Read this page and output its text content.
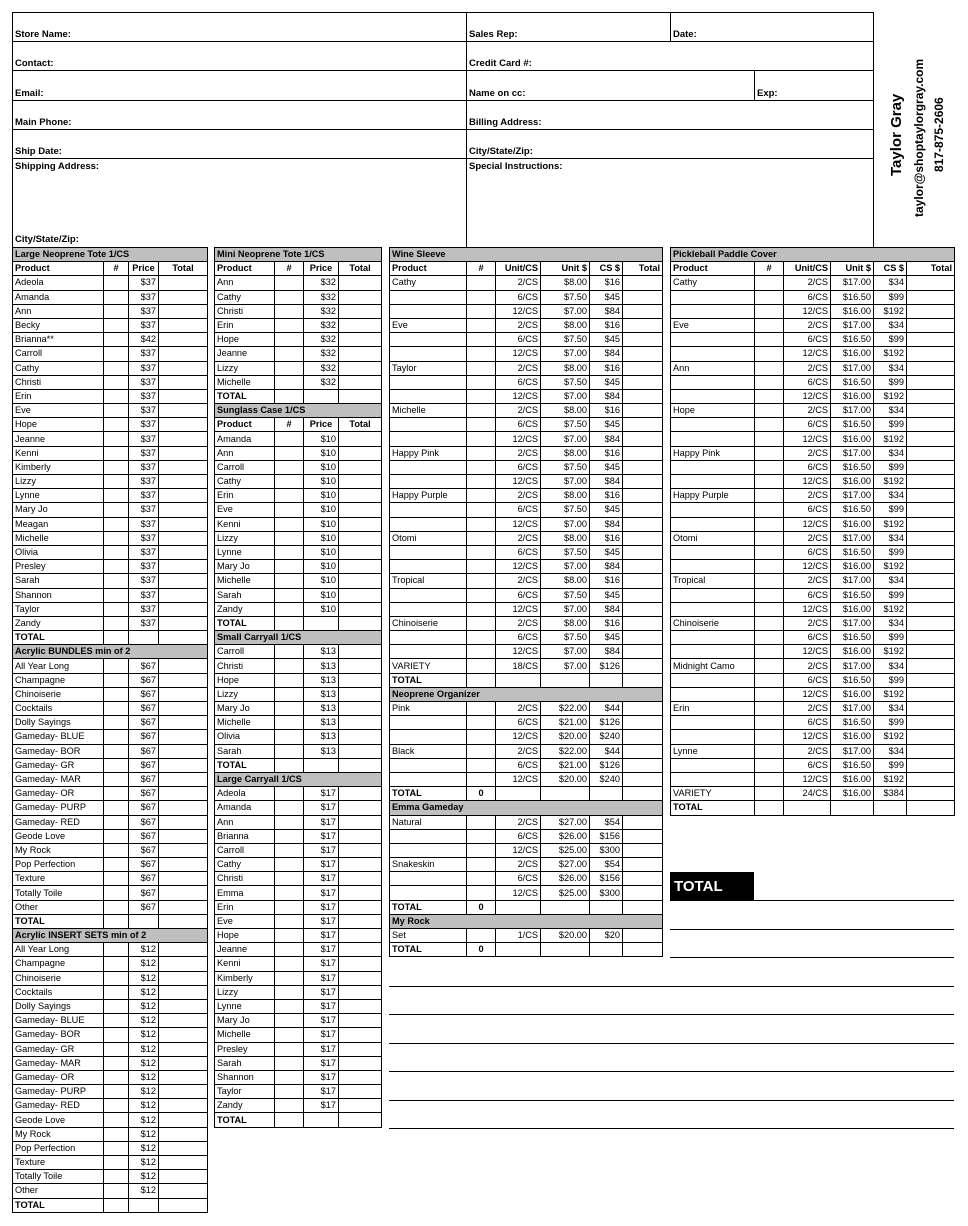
Store Name:	Sales Rep:	Date:
Contact:	Credit Card #:
Email:	Name on cc:	Exp:
Main Phone:	Billing Address:
Ship Date:	City/State/Zip:
Shipping Address:	Special Instructions:
City/State/Zip:
Taylor Gray taylor@shoptaylorgray.com 817-875-2606
Large Neoprene Tote 1/CS			
Product	#	Price	Total
Adeola		$37	
Amanda		$37	
Ann		$37	
Becky		$37	
Brianna**		$42	
Carroll		$37	
Cathy		$37	
Christi		$37	
Erin		$37	
Eve		$37	
Hope		$37	
Jeanne		$37	
Kenni		$37	
Kimberly		$37	
Lizzy		$37	
Lynne		$37	
Mary Jo		$37	
Meagan		$37	
Michelle		$37	
Olivia		$37	
Presley		$37	
Sarah		$37	
Shannon		$37	
Taylor		$37	
Zandy		$37	
TOTAL			
Acrylic BUNDLES min of 2			
All Year Long		$67	
Champagne		$67	
Chinoiserie		$67	
Cocktails		$67	
Dolly Sayings		$67	
Gameday- BLUE		$67	
Gameday- BOR		$67	
Gameday- GR		$67	
Gameday- MAR		$67	
Gameday- OR		$67	
Gameday- PURP		$67	
Gameday- RED		$67	
Geode Love		$67	
My Rock		$67	
Pop Perfection		$67	
Texture		$67	
Totally Toile		$67	
Other		$67	
TOTAL			
Acrylic INSERT SETS min of 2			
All Year Long		$12	
Champagne		$12	
Chinoiserie		$12	
Cocktails		$12	
Dolly Sayings		$12	
Gameday- BLUE		$12	
Gameday- BOR		$12	
Gameday- GR		$12	
Gameday- MAR		$12	
Gameday- OR		$12	
Gameday- PURP		$12	
Gameday- RED		$12	
Geode Love		$12	
My Rock		$12	
Pop Perfection		$12	
Texture		$12	
Totally Toile		$12	
Other		$12	
TOTAL			
Mini Neoprene Tote 1/CS			
Product	#	Price	Total
Ann		$32	
Cathy		$32	
Christi		$32	
Erin		$32	
Hope		$32	
Jeanne		$32	
Lizzy		$32	
Michelle		$32	
TOTAL			
Sunglass Case 1/CS			
Product	#	Price	Total
Amanda		$10	
Ann		$10	
Carroll		$10	
Cathy		$10	
Erin		$10	
Eve		$10	
Kenni		$10	
Lizzy		$10	
Lynne		$10	
Mary Jo		$10	
Michelle		$10	
Sarah		$10	
Zandy		$10	
TOTAL			
Small Carryall 1/CS			
Carroll		$13	
Christi		$13	
Hope		$13	
Lizzy		$13	
Mary Jo		$13	
Michelle		$13	
Olivia		$13	
Sarah		$13	
TOTAL			
Large Carryall 1/CS			
Adeola		$17	
Amanda		$17	
Ann		$17	
Brianna		$17	
Carroll		$17	
Cathy		$17	
Christi		$17	
Emma		$17	
Erin		$17	
Eve		$17	
Hope		$17	
Jeanne		$17	
Kenni		$17	
Kimberly		$17	
Lizzy		$17	
Lynne		$17	
Mary Jo		$17	
Michelle		$17	
Presley		$17	
Sarah		$17	
Shannon		$17	
Taylor		$17	
Zandy		$17	
TOTAL			
Wine Sleeve					
Product	#	Unit/CS	Unit $	CS $	Total
Cathy		2/CS	$8.00	$16	
		6/CS	$7.50	$45	
		12/CS	$7.00	$84	
Eve		2/CS	$8.00	$16	
		6/CS	$7.50	$45	
		12/CS	$7.00	$84	
Taylor		2/CS	$8.00	$16	
		6/CS	$7.50	$45	
		12/CS	$7.00	$84	
Michelle		2/CS	$8.00	$16	
		6/CS	$7.50	$45	
		12/CS	$7.00	$84	
Happy Pink		2/CS	$8.00	$16	
		6/CS	$7.50	$45	
		12/CS	$7.00	$84	
Happy Purple		2/CS	$8.00	$16	
		6/CS	$7.50	$45	
		12/CS	$7.00	$84	
Otomi		2/CS	$8.00	$16	
		6/CS	$7.50	$45	
		12/CS	$7.00	$84	
Tropical		2/CS	$8.00	$16	
		6/CS	$7.50	$45	
		12/CS	$7.00	$84	
Chinoiserie		2/CS	$8.00	$16	
		6/CS	$7.50	$45	
		12/CS	$7.00	$84	
VARIETY		18/CS	$7.00	$126	
TOTAL					
Neoprene Organizer					
Pink		2/CS	$22.00	$44	
		6/CS	$21.00	$126	
		12/CS	$20.00	$240	
Black		2/CS	$22.00	$44	
		6/CS	$21.00	$126	
		12/CS	$20.00	$240	
TOTAL	0				
Emma Gameday					
Natural		2/CS	$27.00	$54	
		6/CS	$26.00	$156	
		12/CS	$25.00	$300	
Snakeskin		2/CS	$27.00	$54	
		6/CS	$26.00	$156	
		12/CS	$25.00	$300	
TOTAL	0				
My Rock					
Set		1/CS	$20.00	$20	
TOTAL	0				
Pickleball Paddle Cover					
Product	#	Unit/CS	Unit $	CS $	Total
Cathy		2/CS	$17.00	$34	
		6/CS	$16.50	$99	
		12/CS	$16.00	$192	
Eve		2/CS	$17.00	$34	
		6/CS	$16.50	$99	
		12/CS	$16.00	$192	
Ann		2/CS	$17.00	$34	
		6/CS	$16.50	$99	
		12/CS	$16.00	$192	
Hope		2/CS	$17.00	$34	
		6/CS	$16.50	$99	
		12/CS	$16.00	$192	
Happy Pink		2/CS	$17.00	$34	
		6/CS	$16.50	$99	
		12/CS	$16.00	$192	
Happy Purple		2/CS	$17.00	$34	
		6/CS	$16.50	$99	
		12/CS	$16.00	$192	
Otomi		2/CS	$17.00	$34	
		6/CS	$16.50	$99	
		12/CS	$16.00	$192	
Tropical		2/CS	$17.00	$34	
		6/CS	$16.50	$99	
		12/CS	$16.00	$192	
Chinoiserie		2/CS	$17.00	$34	
		6/CS	$16.50	$99	
		12/CS	$16.00	$192	
Midnight Camo		2/CS	$17.00	$34	
		6/CS	$16.50	$99	
		12/CS	$16.00	$192	
Erin		2/CS	$17.00	$34	
		6/CS	$16.50	$99	
		12/CS	$16.00	$192	
Lynne		2/CS	$17.00	$34	
		6/CS	$16.50	$99	
		12/CS	$16.00	$192	
VARIETY		24/CS	$16.00	$384	
TOTAL					
TOTAL
